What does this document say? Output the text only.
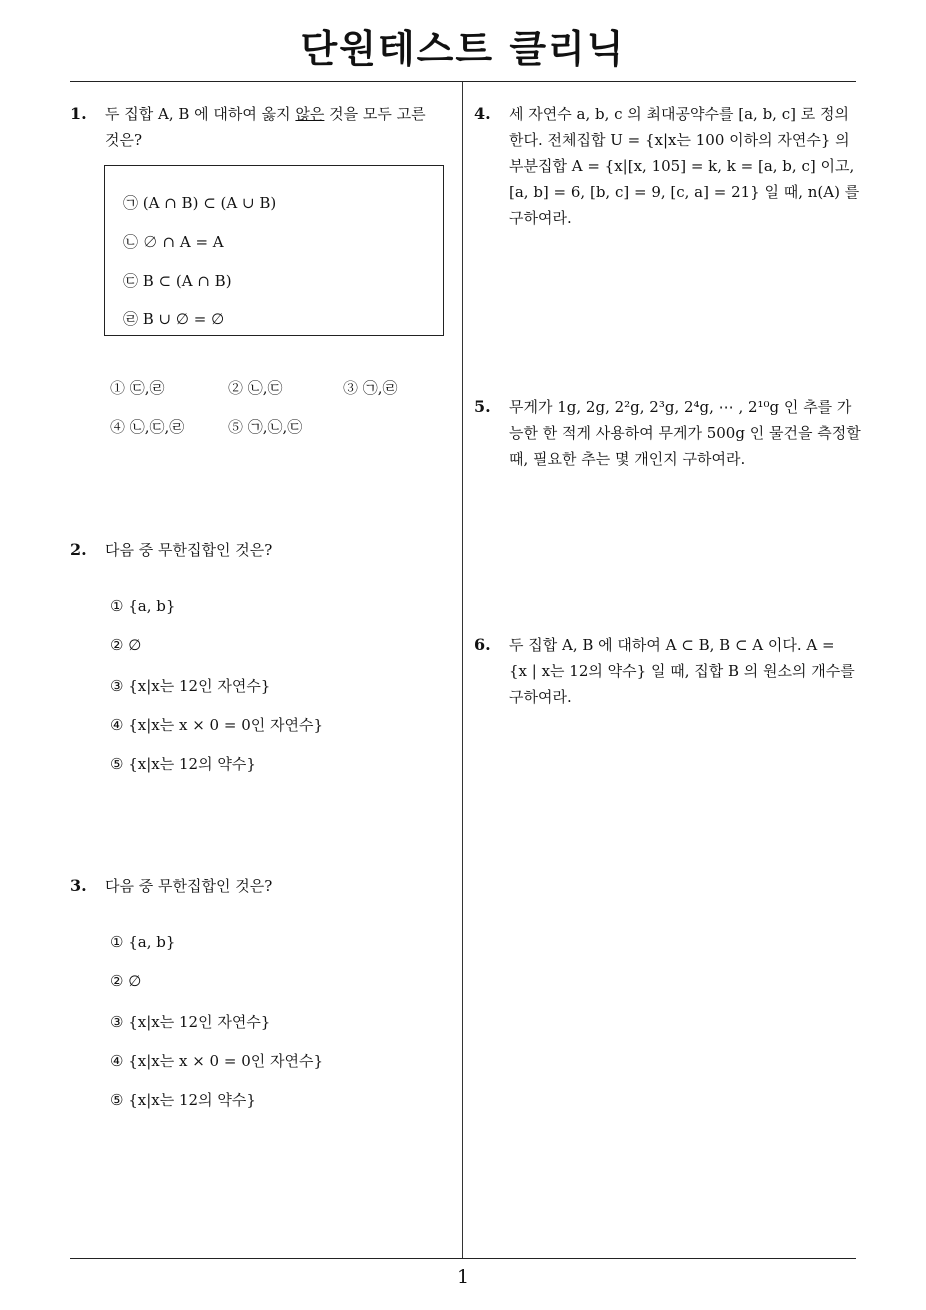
단원테스트 클리닉
1
1. 두 집합 A, B 에 대하여 옳지 않은 것을 모두 고른
것은?
㉠ (A ∩ B) ⊂ (A ∪ B)
㉡ ∅ ∩ A = A
㉢ B ⊂ (A ∩ B)
㉣ B ∪ ∅ = ∅
① ㉢,㉣	② ㉡,㉢	③ ㉠,㉣
④ ㉡,㉢,㉣	⑤ ㉠,㉡,㉢
2. 다음 중 무한집합인 것은?
① {a, b}
② ∅
③ {x|x는 12인 자연수}
④ {x|x는 x × 0 = 0인 자연수}
⑤ {x|x는 12의 약수}
3. 다음 중 무한집합인 것은?
① {a, b}
② ∅
③ {x|x는 12인 자연수}
④ {x|x는 x × 0 = 0인 자연수}
⑤ {x|x는 12의 약수}
4. 세 자연수 a, b, c 의 최대공약수를 [a, b, c] 로 정의
한다. 전체집합 U = {x|x는 100 이하의 자연수} 의
부분집합 A = {x|[x, 105] = k, k = [a, b, c] 이고,
[a, b] = 6, [b, c] = 9, [c, a] = 21} 일 때, n(A) 를
구하여라.
5. 무게가 1g, 2g, 2²g, 2³g, 2⁴g, ⋯ , 2¹⁰g 인 추를 가
능한 한 적게 사용하여 무게가 500g 인 물건을 측정할
때, 필요한 추는 몇 개인지 구하여라.
6. 두 집합 A, B 에 대하여 A ⊂ B, B ⊂ A 이다. A =
{x | x는 12의 약수} 일 때, 집합 B 의 원소의 개수를
구하여라.
